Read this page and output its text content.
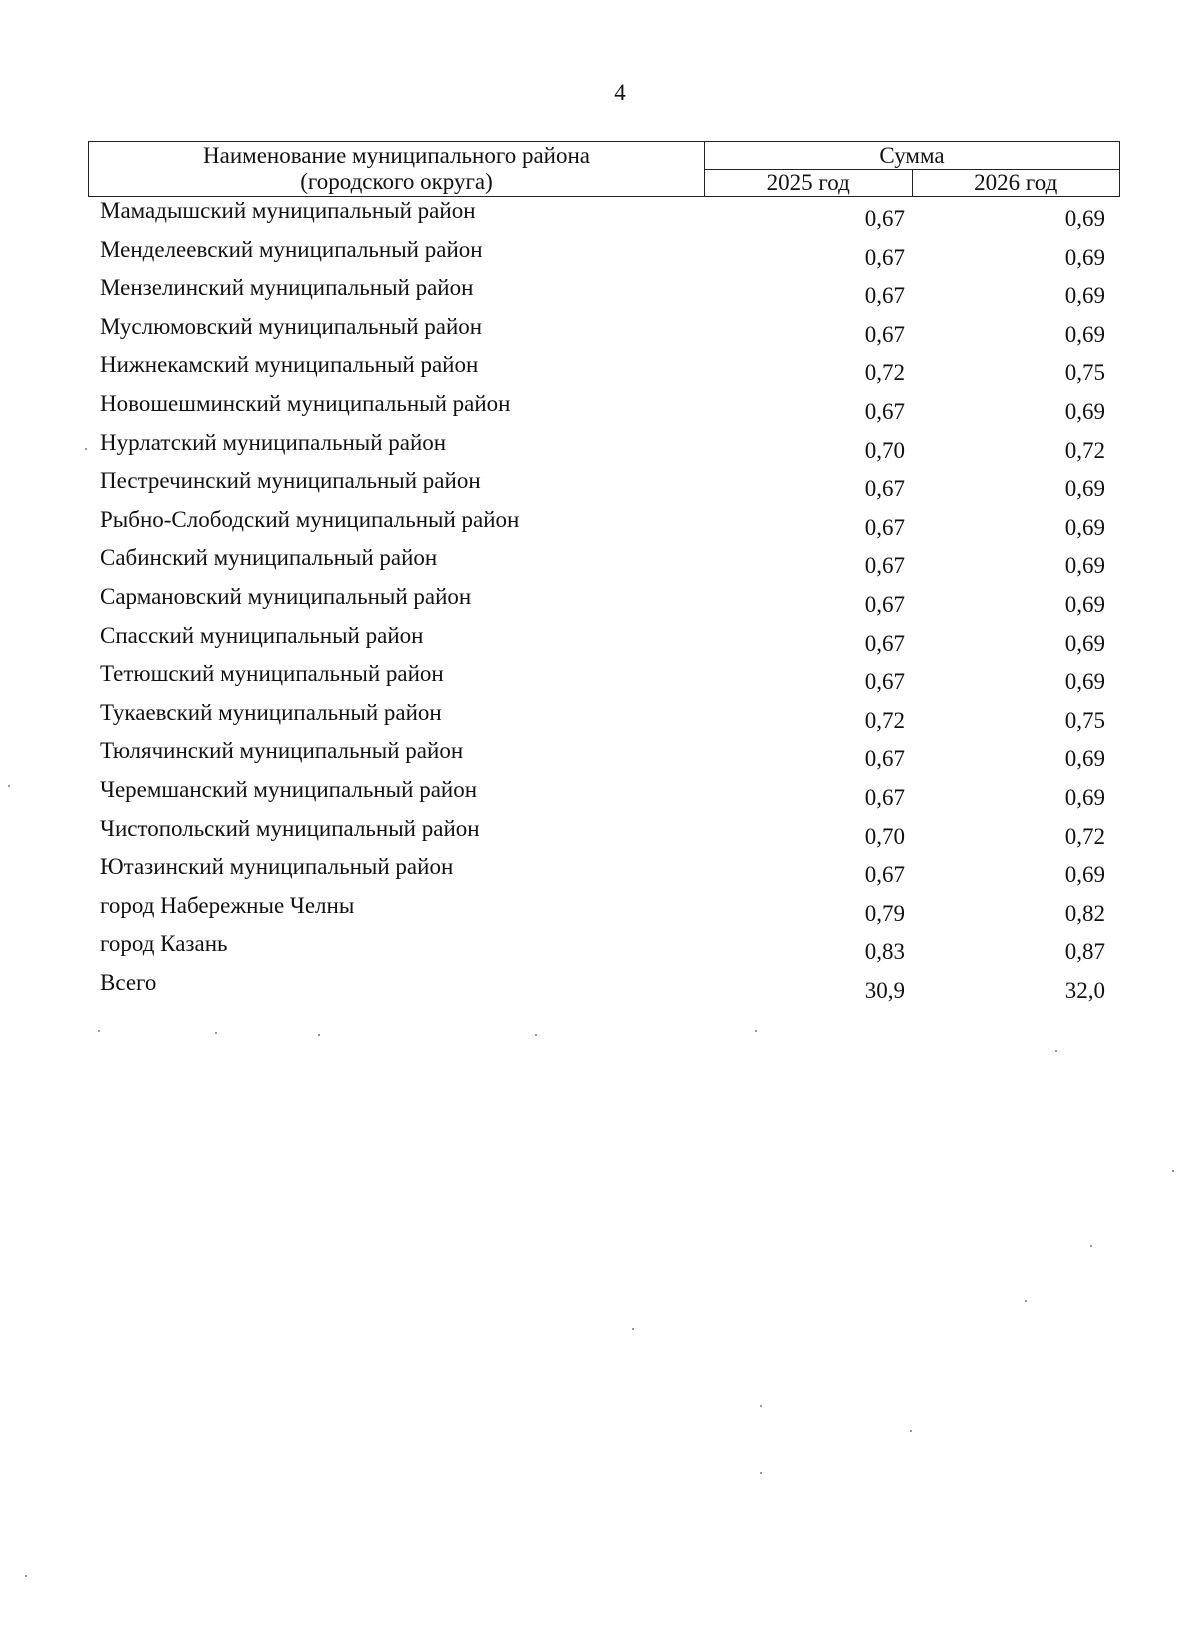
4
Наименование муниципального района
(городского округа)	Сумма	
	2025 год	2026 год
Мамадышский муниципальный район	0,67	0,69
Менделеевский муниципальный район	0,67	0,69
Мензелинский муниципальный район	0,67	0,69
Муслюмовский муниципальный район	0,67	0,69
Нижнекамский муниципальный район	0,72	0,75
Новошешминский муниципальный район	0,67	0,69
Нурлатский муниципальный район	0,70	0,72
Пестречинский муниципальный район	0,67	0,69
Рыбно-Слободский муниципальный район	0,67	0,69
Сабинский муниципальный район	0,67	0,69
Сармановский муниципальный район	0,67	0,69
Спасский муниципальный район	0,67	0,69
Тетюшский муниципальный район	0,67	0,69
Тукаевский муниципальный район	0,72	0,75
Тюлячинский муниципальный район	0,67	0,69
Черемшанский муниципальный район	0,67	0,69
Чистопольский муниципальный район	0,70	0,72
Ютазинский муниципальный район	0,67	0,69
город Набережные Челны	0,79	0,82
город Казань	0,83	0,87
Всего	30,9	32,0
